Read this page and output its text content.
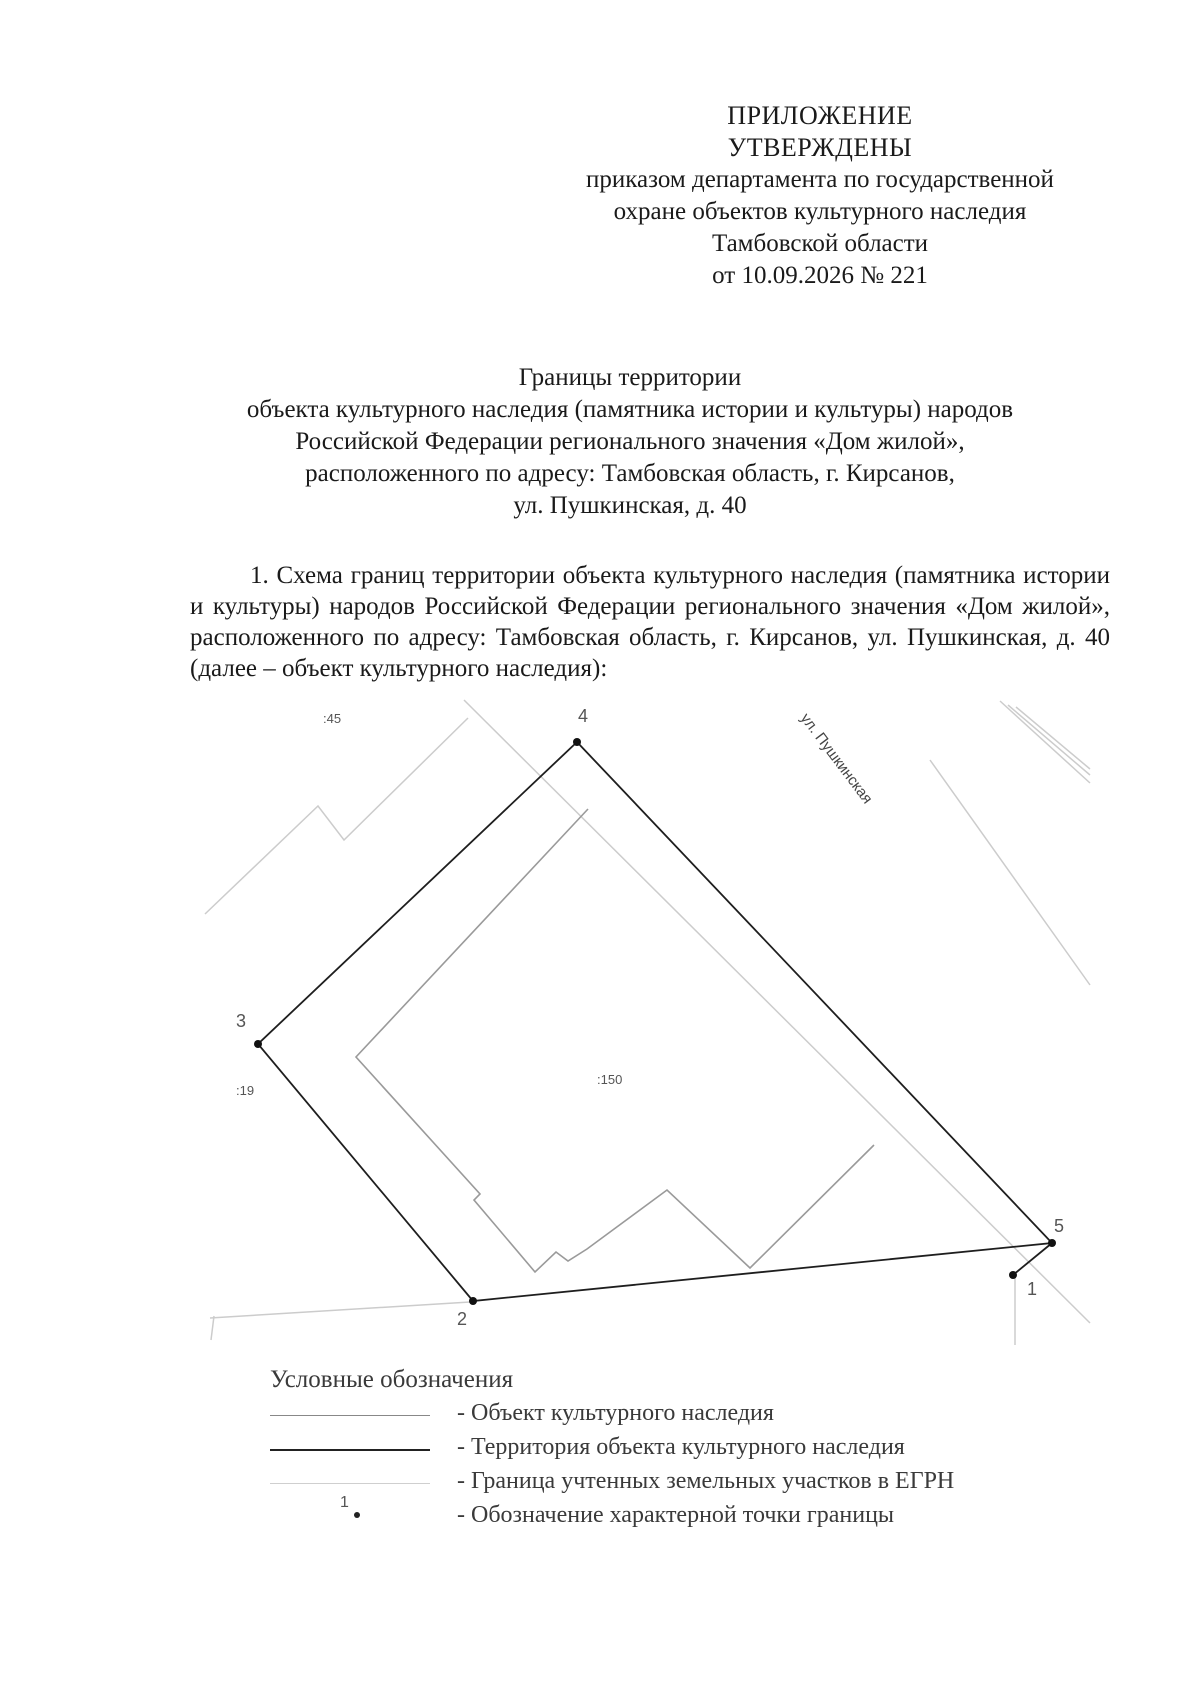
ПРИЛОЖЕНИЕ
УТВЕРЖДЕНЫ
приказом департамента по государственной
охране объектов культурного наследия
Тамбовской области
от 10.09.2026 № 221
Границы территории
объекта культурного наследия (памятника истории и культуры) народов
Российской Федерации регионального значения «Дом жилой»,
расположенного по адресу: Тамбовская область, г. Кирсанов,
ул. Пушкинская, д. 40
1. Схема границ территории объекта культурного наследия (памятника истории и культуры) народов Российской Федерации регионального значения «Дом жилой», расположенного по адресу: Тамбовская область, г. Кирсанов, ул. Пушкинская, д. 40 (далее – объект культурного наследия):
1
2
3
4
5
:45
:19
:150
ул. Пушкинская
Условные обозначения
- Объект культурного наследия
- Территория объекта культурного наследия
- Граница учтенных земельных участков в ЕГРН
1	- Обозначение характерной точки границы
